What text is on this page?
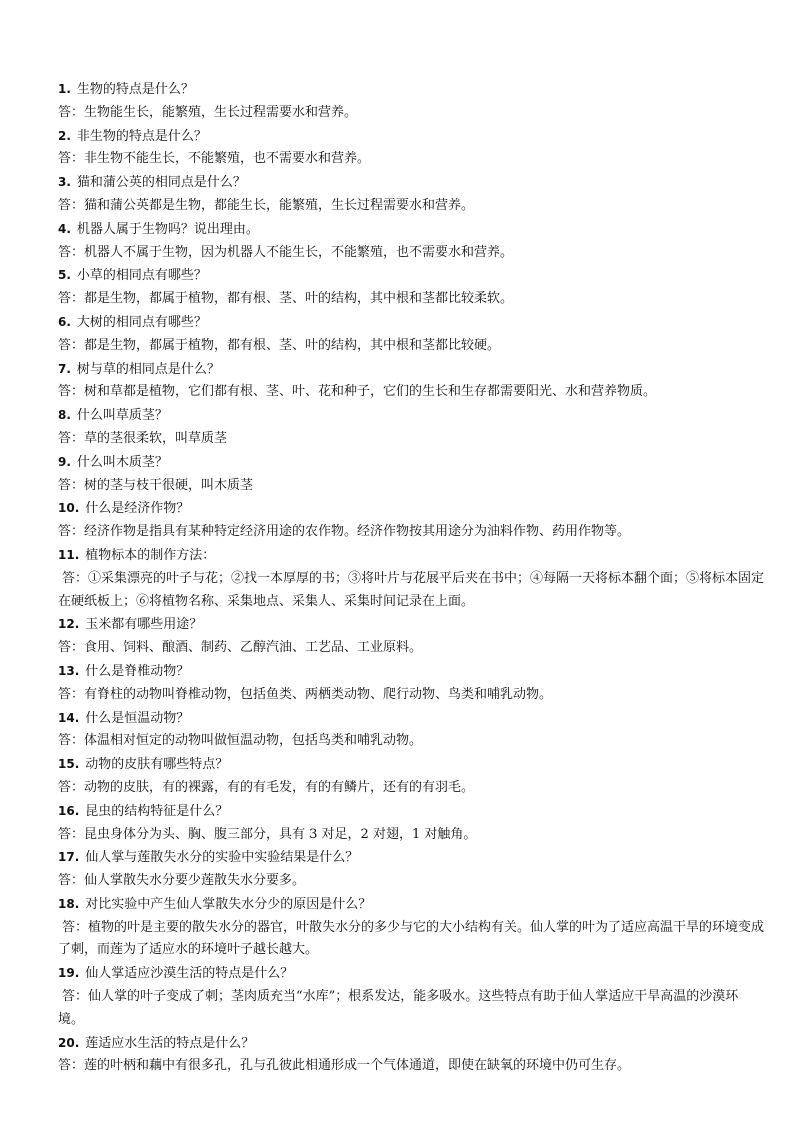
1. 生物的特点是什么？

答：生物能生长，能繁殖，生长过程需要水和营养。

2. 非生物的特点是什么？

答：非生物不能生长，不能繁殖，也不需要水和营养。

3. 猫和蒲公英的相同点是什么？

答：猫和蒲公英都是生物，都能生长，能繁殖，生长过程需要水和营养。

4. 机器人属于生物吗？说出理由。

答：机器人不属于生物，因为机器人不能生长，不能繁殖，也不需要水和营养。

5. 小草的相同点有哪些？

答：都是生物，都属于植物，都有根、茎、叶的结构，其中根和茎都比较柔软。

6. 大树的相同点有哪些？

答：都是生物，都属于植物，都有根、茎、叶的结构，其中根和茎都比较硬。

7. 树与草的相同点是什么？

答：树和草都是植物，它们都有根、茎、叶、花和种子，它们的生长和生存都需要阳光、水和营养物质。

8. 什么叫草质茎？

答：草的茎很柔软，叫草质茎

9. 什么叫木质茎？

答：树的茎与枝干很硬，叫木质茎

10. 什么是经济作物？

答：经济作物是指具有某种特定经济用途的农作物。经济作物按其用途分为油料作物、药用作物等。

11. 植物标本的制作方法：

答：①采集漂亮的叶子与花；②找一本厚厚的书；③将叶片与花展平后夹在书中；④每隔一天将标本翻个面；⑤将标本固定在硬纸板上；⑥将植物名称、采集地点、采集人、采集时间记录在上面。

12. 玉米都有哪些用途？

答：食用、饲料、酿酒、制药、乙醇汽油、工艺品、工业原料。

13. 什么是脊椎动物？

答：有脊柱的动物叫脊椎动物，包括鱼类、两栖类动物、爬行动物、鸟类和哺乳动物。

14. 什么是恒温动物？

答：体温相对恒定的动物叫做恒温动物，包括鸟类和哺乳动物。

15. 动物的皮肤有哪些特点？

答：动物的皮肤，有的裸露，有的有毛发，有的有鳞片，还有的有羽毛。

16. 昆虫的结构特征是什么？

答：昆虫身体分为头、胸、腹三部分，具有 3 对足，2 对翅，1 对触角。

17. 仙人掌与莲散失水分的实验中实验结果是什么？

答：仙人掌散失水分要少莲散失水分要多。

18. 对比实验中产生仙人掌散失水分少的原因是什么？

答：植物的叶是主要的散失水分的器官，叶散失水分的多少与它的大小结构有关。仙人掌的叶为了适应高温干旱的环境变成了刺，而莲为了适应水的环境叶子越长越大。

19. 仙人掌适应沙漠生活的特点是什么？

答：仙人掌的叶子变成了刺；茎肉质充当“水库”；根系发达，能多吸水。这些特点有助于仙人掌适应干旱高温的沙漠环境。

20. 莲适应水生活的特点是什么？

答：莲的叶柄和藕中有很多孔，孔与孔彼此相通形成一个气体通道，即使在缺氧的环境中仍可生存。
